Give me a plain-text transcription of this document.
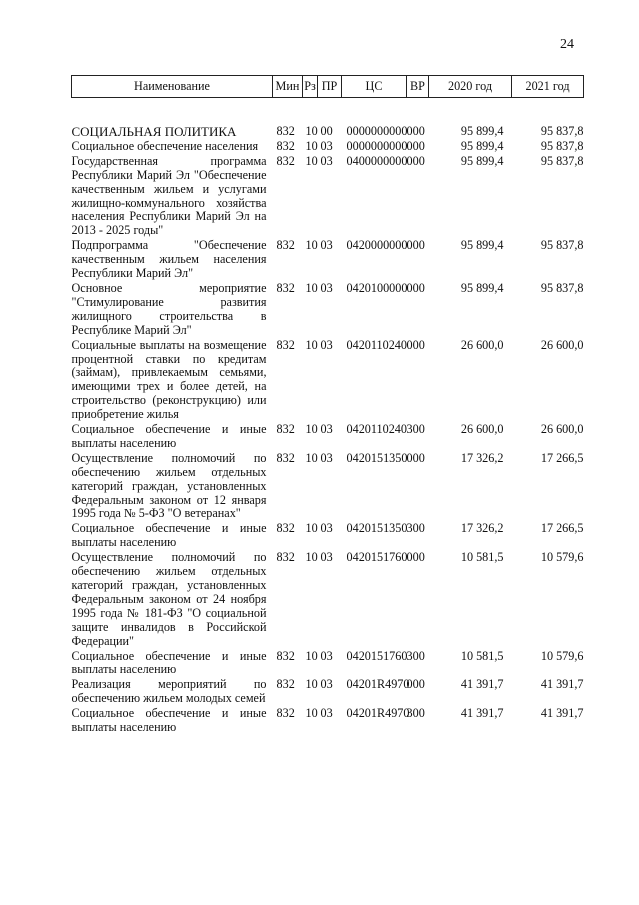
24
Наименование	Мин	Рз	ПР	ЦС	ВР	2020 год	2021 год

СОЦИАЛЬНАЯ ПОЛИТИКА	832	10	00	0000000000	000	95 899,4	95 837,8

Социальное обеспечение населения	832	10	03	0000000000	000	95 899,4	95 837,8

Государственная программа Республики Марий Эл "Обеспечение качественным жильем и услугами жилищно-коммунального хозяйства населения Республики Марий Эл на 2013 - 2025 годы"	832	10	03	0400000000	000	95 899,4	95 837,8

Подпрограмма "Обеспечение качественным жильем населения Республики Марий Эл"	832	10	03	0420000000	000	95 899,4	95 837,8

Основное мероприятие "Стимулирование развития жилищного строительства в Республике Марий Эл"	832	10	03	0420100000	000	95 899,4	95 837,8

Социальные выплаты на возмещение процентной ставки по кредитам (займам), привлекаемым семьями, имеющими трех и более детей, на строительство (реконструкцию) или приобретение жилья	832	10	03	0420110240	000	26 600,0	26 600,0

Социальное обеспечение и иные выплаты населению	832	10	03	0420110240	300	26 600,0	26 600,0

Осуществление полномочий по обеспечению жильем отдельных категорий граждан, установленных Федеральным законом от 12 января 1995 года № 5-ФЗ "О ветеранах"	832	10	03	0420151350	000	17 326,2	17 266,5

Социальное обеспечение и иные выплаты населению	832	10	03	0420151350	300	17 326,2	17 266,5

Осуществление полномочий по обеспечению жильем отдельных категорий граждан, установленных Федеральным законом от 24 ноября 1995 года № 181-ФЗ "О социальной защите инвалидов в Российской Федерации"	832	10	03	0420151760	000	10 581,5	10 579,6

Социальное обеспечение и иные выплаты населению	832	10	03	0420151760	300	10 581,5	10 579,6

Реализация мероприятий по обеспечению жильем молодых семей	832	10	03	04201R4970	000	41 391,7	41 391,7

Социальное обеспечение и иные выплаты населению	832	10	03	04201R4970	300	41 391,7	41 391,7
